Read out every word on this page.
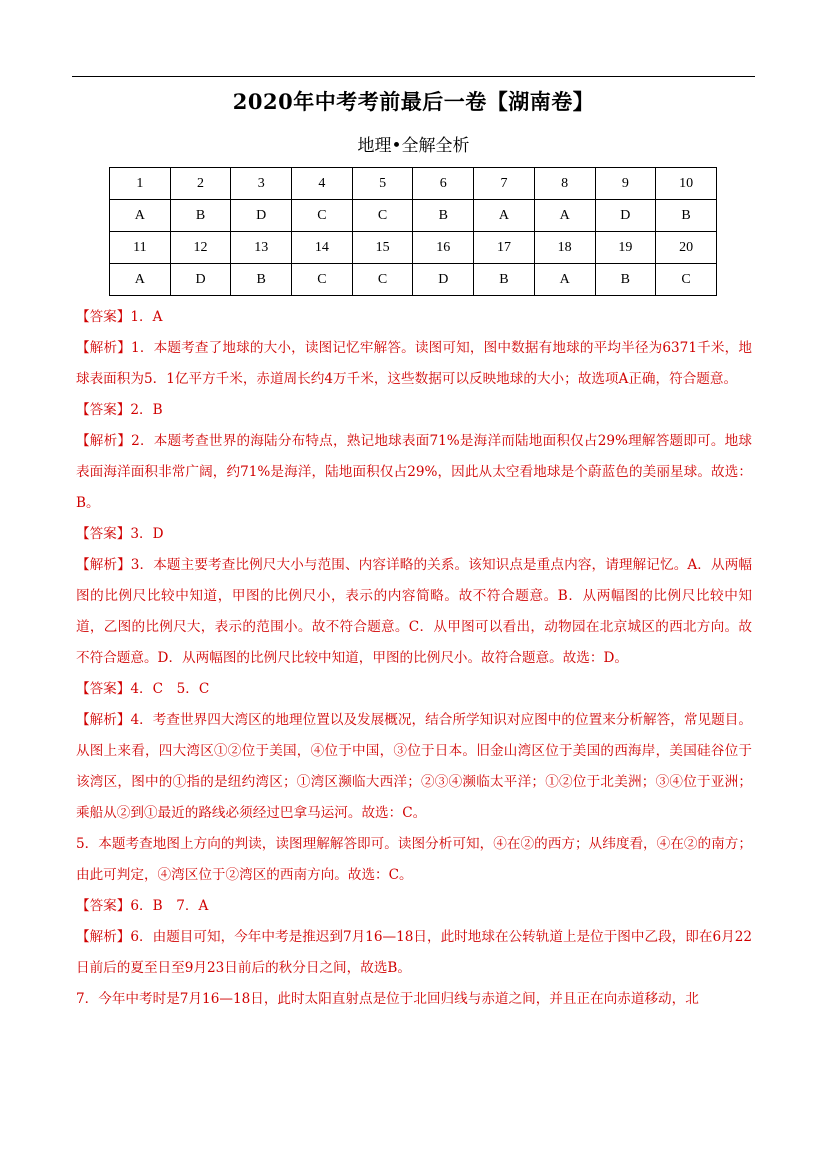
2020年中考考前最后一卷【湖南卷】
地理•全解全析
1	2	3	4	5	6	7	8	9	10
A	B	D	C	C	B	A	A	D	B
11	12	13	14	15	16	17	18	19	20
A	D	B	C	C	D	B	A	B	C

【答案】1．A

【解析】1．本题考查了地球的大小，读图记忆牢解答。读图可知，图中数据有地球的平均半径为6371千米，地球表面积为5．1亿平方千米，赤道周长约4万千米，这些数据可以反映地球的大小；故选项A正确，符合题意。

【答案】2．B

【解析】2．本题考查世界的海陆分布特点，熟记地球表面71%是海洋而陆地面积仅占29%理解答题即可。地球表面海洋面积非常广阔，约71%是海洋，陆地面积仅占29%，因此从太空看地球是个蔚蓝色的美丽星球。故选：B。

【答案】3．D

【解析】3．本题主要考查比例尺大小与范围、内容详略的关系。该知识点是重点内容，请理解记忆。A．从两幅图的比例尺比较中知道，甲图的比例尺小，表示的内容简略。故不符合题意。B．从两幅图的比例尺比较中知道，乙图的比例尺大，表示的范围小。故不符合题意。C．从甲图可以看出，动物园在北京城区的西北方向。故不符合题意。D．从两幅图的比例尺比较中知道，甲图的比例尺小。故符合题意。故选：D。

【答案】4．C　5．C

【解析】4．考查世界四大湾区的地理位置以及发展概况，结合所学知识对应图中的位置来分析解答，常见题目。从图上来看，四大湾区①②位于美国，④位于中国，③位于日本。旧金山湾区位于美国的西海岸，美国硅谷位于该湾区，图中的①指的是纽约湾区；①湾区濒临大西洋；②③④濒临太平洋；①②位于北美洲；③④位于亚洲；乘船从②到①最近的路线必须经过巴拿马运河。故选：C。

5．本题考查地图上方向的判读，读图理解解答即可。读图分析可知，④在②的西方；从纬度看，④在②的南方；由此可判定，④湾区位于②湾区的西南方向。故选：C。

【答案】6．B　7．A

【解析】6．由题目可知，今年中考是推迟到7月16—18日，此时地球在公转轨道上是位于图中乙段，即在6月22日前后的夏至日至9月23日前后的秋分日之间，故选B。

7．今年中考时是7月16—18日，此时太阳直射点是位于北回归线与赤道之间，并且正在向赤道移动，北
